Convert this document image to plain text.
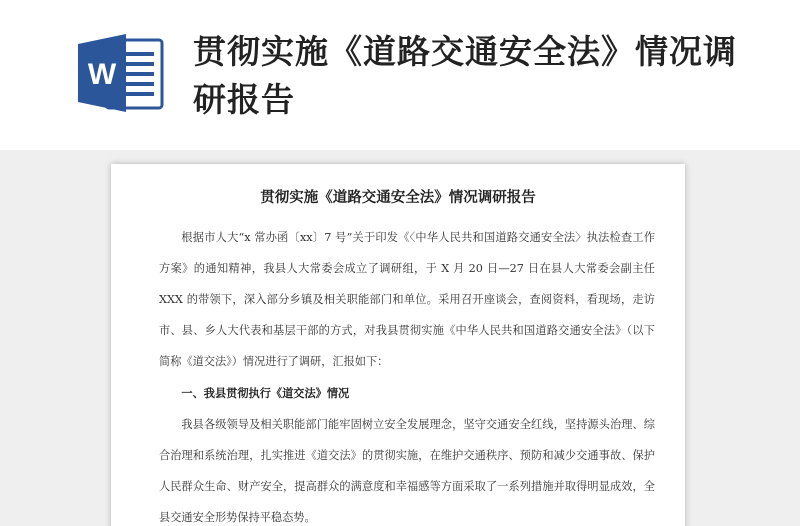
W
贯彻实施《道路交通安全法》情况调研报告
贯彻实施《道路交通安全法》情况调研报告

根据市人大“x 常办函〔xx〕7 号”关于印发《〈中华人民共和国道路交通安全法〉执法检查工作方案》的通知精神，我县人大常委会成立了调研组，于 X 月 20 日—27 日在县人大常委会副主任 XXX 的带领下，深入部分乡镇及相关职能部门和单位。采用召开座谈会，查阅资料，看现场，走访市、县、乡人大代表和基层干部的方式，对我县贯彻实施《中华人民共和国道路交通安全法》（以下简称《道交法》）情况进行了调研，汇报如下：

一、我县贯彻执行《道交法》情况

我县各级领导及相关职能部门能牢固树立安全发展理念，坚守交通安全红线，坚持源头治理、综合治理和系统治理，扎实推进《道交法》的贯彻实施，在维护交通秩序、预防和减少交通事故、保护人民群众生命、财产安全，提高群众的满意度和幸福感等方面采取了一系列措施并取得明显成效，全县交通安全形势保持平稳态势。
